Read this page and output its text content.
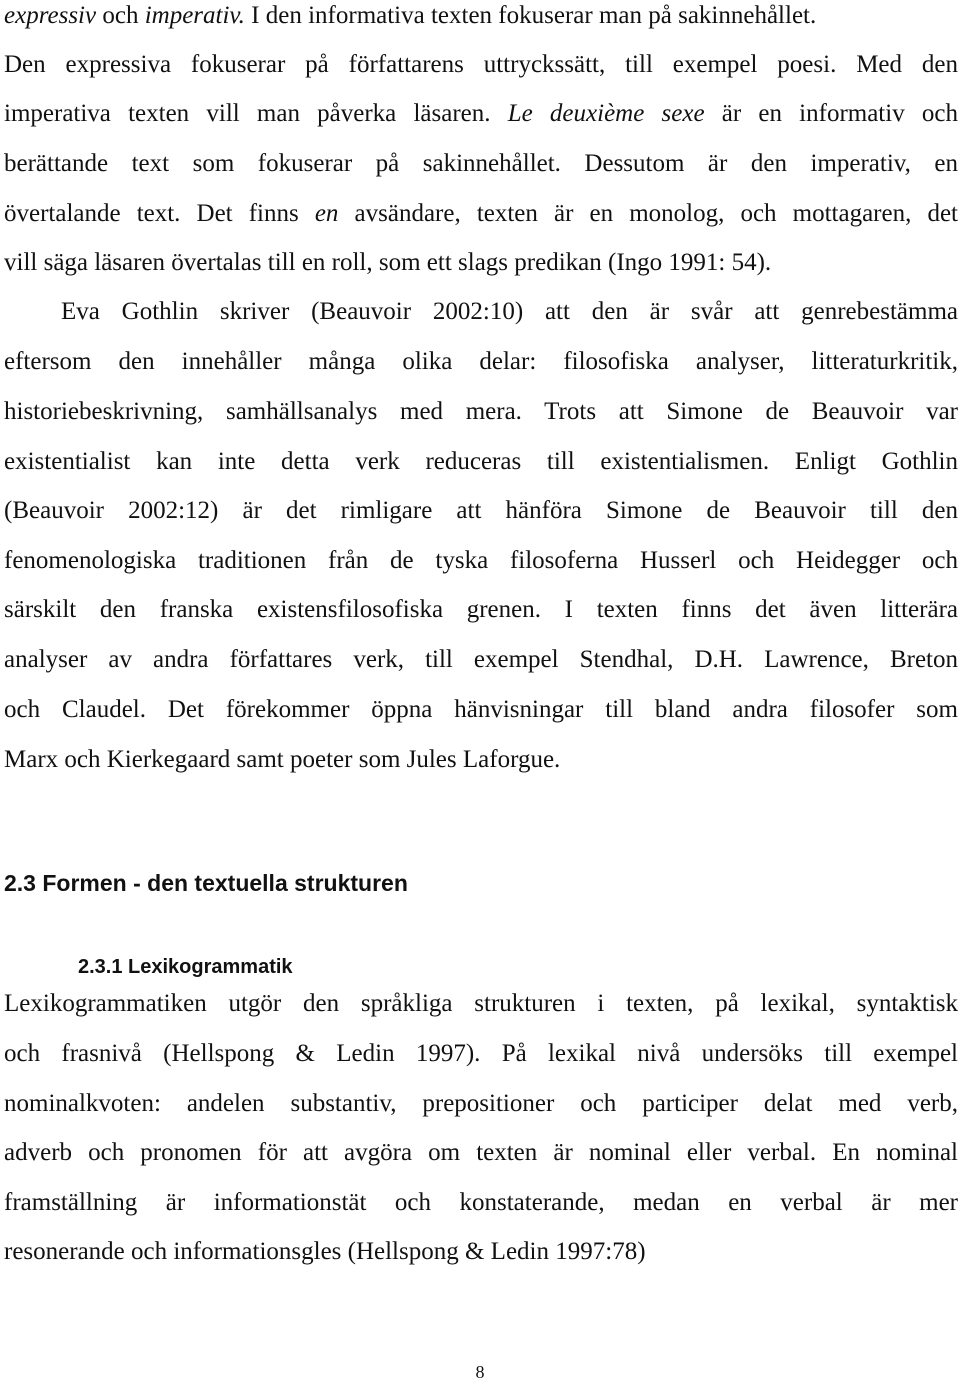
expressiv och imperativ. I den informativa texten fokuserar man på sakinnehållet.
Den expressiva fokuserar på författarens uttryckssätt, till exempel poesi. Med den
imperativa texten vill man påverka läsaren. Le deuxième sexe är en informativ och
berättande text som fokuserar på sakinnehållet. Dessutom är den imperativ, en
övertalande text. Det finns en avsändare, texten är en monolog, och mottagaren, det
vill säga läsaren övertalas till en roll, som ett slags predikan (Ingo 1991: 54).
Eva Gothlin skriver (Beauvoir 2002:10) att den är svår att genrebestämma
eftersom den innehåller många olika delar: filosofiska analyser, litteraturkritik,
historiebeskrivning, samhällsanalys med mera. Trots att Simone de Beauvoir var
existentialist kan inte detta verk reduceras till existentialismen. Enligt Gothlin
(Beauvoir 2002:12) är det rimligare att hänföra Simone de Beauvoir till den
fenomenologiska traditionen från de tyska filosoferna Husserl och Heidegger och
särskilt den franska existensfilosofiska grenen. I texten finns det även litterära
analyser av andra författares verk, till exempel Stendhal, D.H. Lawrence, Breton
och Claudel. Det förekommer öppna hänvisningar till bland andra filosofer som
Marx och Kierkegaard samt poeter som Jules Laforgue.
2.3 Formen - den textuella strukturen
2.3.1 Lexikogrammatik
Lexikogrammatiken utgör den språkliga strukturen i texten, på lexikal, syntaktisk
och frasnivå (Hellspong & Ledin 1997). På lexikal nivå undersöks till exempel
nominalkvoten: andelen substantiv, prepositioner och participer delat med verb,
adverb och pronomen för att avgöra om texten är nominal eller verbal. En nominal
framställning är informationstät och konstaterande, medan en verbal är mer
resonerande och informationsgles (Hellspong & Ledin 1997:78)
8
